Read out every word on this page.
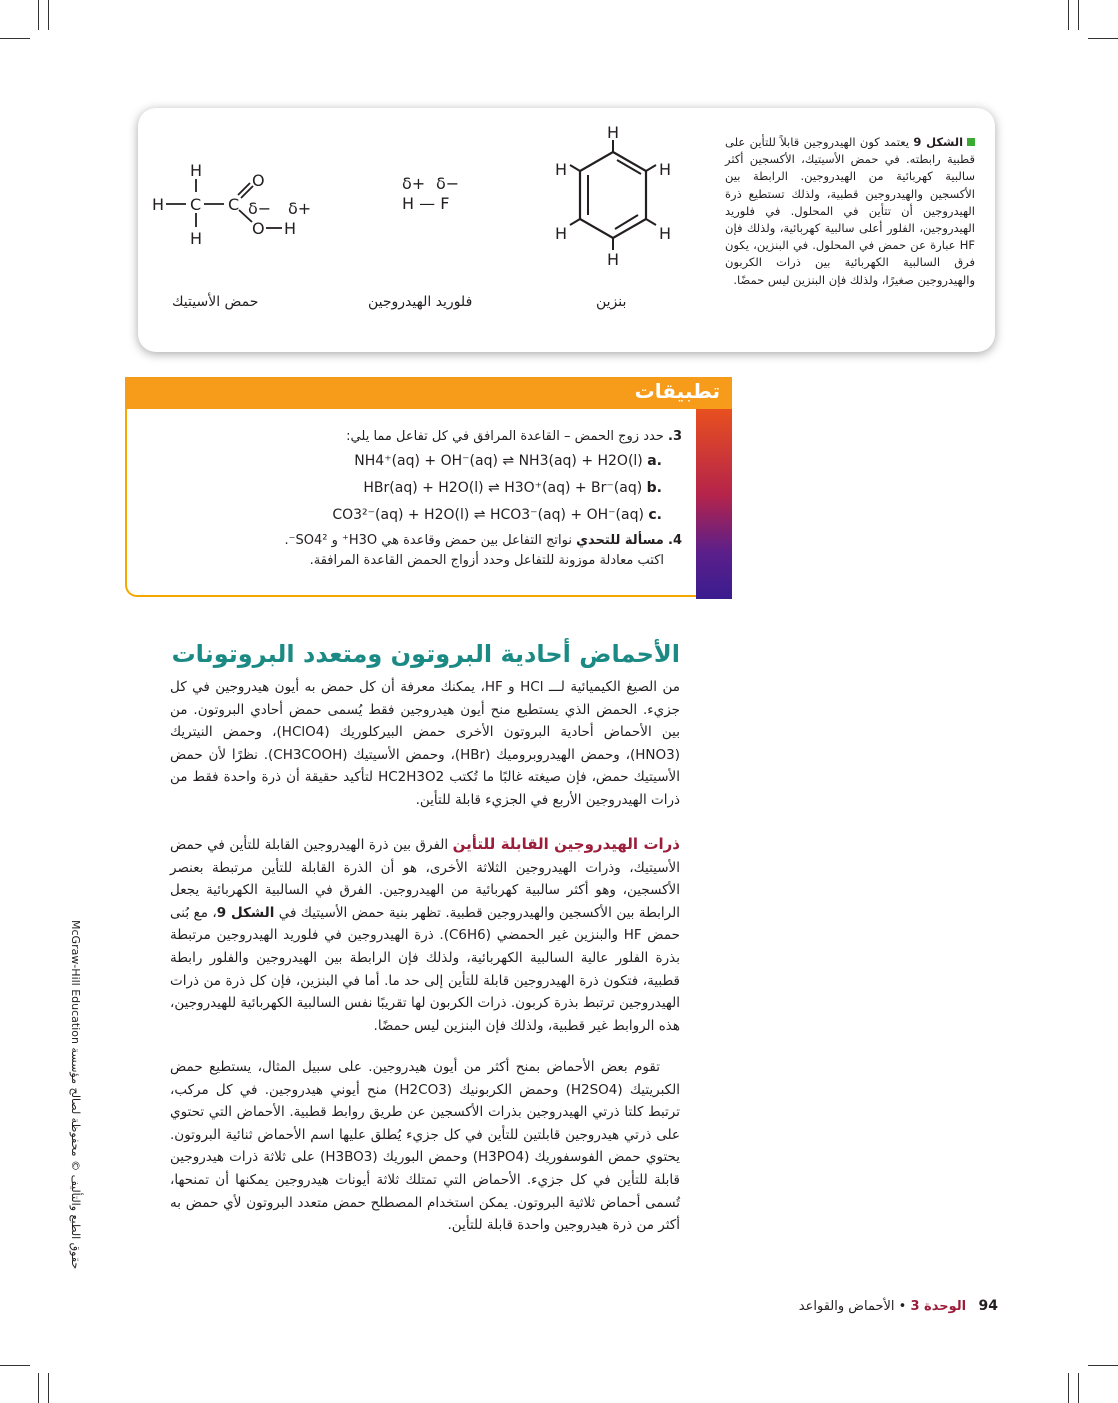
الشكل 9 يعتمد كون الهيدروجين قابلاً للتأين على قطبية رابطته. في حمض الأسيتيك، الأكسجين أكثر سالبية كهربائية من الهيدروجين. الرابطة بين الأكسجين والهيدروجين قطبية، ولذلك تستطيع ذرة الهيدروجين أن تتأين في المحلول. في فلوريد الهيدروجين، الفلور أعلى سالبية كهربائية، ولذلك فإن HF عبارة عن حمض في المحلول. في البنزين، يكون فرق السالبية الكهربائية بين ذرات الكربون والهيدروجين صغيرًا، ولذلك فإن البنزين ليس حمضًا.
H
H
H
H
H
H
δ+ δ−
H — F
H
H C C
H
O
O H
δ− δ+
بنزين
فلوريد الهيدروجين
حمض الأسيتيك
تطبيقات
3. حدد زوج الحمض – القاعدة المرافق في كل تفاعل مما يلي:
NH4⁺(aq) + OH⁻(aq) ⇌ NH3(aq) + H2O(l) a.
HBr(aq) + H2O(l) ⇌ H3O⁺(aq) + Br⁻(aq) b.
CO3²⁻(aq) + H2O(l) ⇌ HCO3⁻(aq) + OH⁻(aq) c.
4. مسألة للتحدي نواتج التفاعل بين حمض وقاعدة هي H3O⁺ و SO4²⁻.
اكتب معادلة موزونة للتفاعل وحدد أزواج الحمض القاعدة المرافقة.
الأحماض أحادية البروتون ومتعدد البروتونات
من الصيغ الكيميائية لـــ HCl و HF، يمكنك معرفة أن كل حمض به أيون هيدروجين في كل جزيء. الحمض الذي يستطيع منح أيون هيدروجين فقط يُسمى حمض أحادي البروتون. من بين الأحماض أحادية البروتون الأخرى حمض البيركلوريك (HClO4)، وحمض النيتريك (HNO3)، وحمض الهيدروبروميك (HBr)، وحمض الأسيتيك (CH3COOH). نظرًا لأن حمض الأسيتيك حمض، فإن صيغته غالبًا ما تُكتب HC2H3O2 لتأكيد حقيقة أن ذرة واحدة فقط من ذرات الهيدروجين الأربع في الجزيء قابلة للتأين.
ذرات الهيدروجين القابلة للتأين الفرق بين ذرة الهيدروجين القابلة للتأين في حمض الأسيتيك، وذرات الهيدروجين الثلاثة الأخرى، هو أن الذرة القابلة للتأين مرتبطة بعنصر الأكسجين، وهو أكثر سالبية كهربائية من الهيدروجين. الفرق في السالبية الكهربائية يجعل الرابطة بين الأكسجين والهيدروجين قطبية. تظهر بنية حمض الأسيتيك في الشكل 9، مع بُنى حمض HF والبنزين غير الحمضي (C6H6). ذرة الهيدروجين في فلوريد الهيدروجين مرتبطة بذرة الفلور عالية السالبية الكهربائية، ولذلك فإن الرابطة بين الهيدروجين والفلور رابطة قطبية، فتكون ذرة الهيدروجين قابلة للتأين إلى حد ما. أما في البنزين، فإن كل ذرة من ذرات الهيدروجين ترتبط بذرة كربون. ذرات الكربون لها تقريبًا نفس السالبية الكهربائية للهيدروجين، هذه الروابط غير قطبية، ولذلك فإن البنزين ليس حمضًا.
تقوم بعض الأحماض بمنح أكثر من أيون هيدروجين. على سبيل المثال، يستطيع حمض الكبريتيك (H2SO4) وحمض الكربونيك (H2CO3) منح أيوني هيدروجين. في كل مركب، ترتبط كلتا ذرتي الهيدروجين بذرات الأكسجين عن طريق روابط قطبية. الأحماض التي تحتوي على ذرتي هيدروجين قابلتين للتأين في كل جزيء يُطلق عليها اسم الأحماض ثنائية البروتون. يحتوي حمض الفوسفوريك (H3PO4) وحمض البوريك (H3BO3) على ثلاثة ذرات هيدروجين قابلة للتأين في كل جزيء. الأحماض التي تمتلك ثلاثة أيونات هيدروجين يمكنها أن تمنحها، تُسمى أحماض ثلاثية البروتون. يمكن استخدام المصطلح حمض متعدد البروتون لأي حمض به أكثر من ذرة هيدروجين واحدة قابلة للتأين.
حقوق الطبع والتأليف © محفوظة لصالح مؤسسة McGraw-Hill Education
94   الوحدة 3 • الأحماض والقواعد
